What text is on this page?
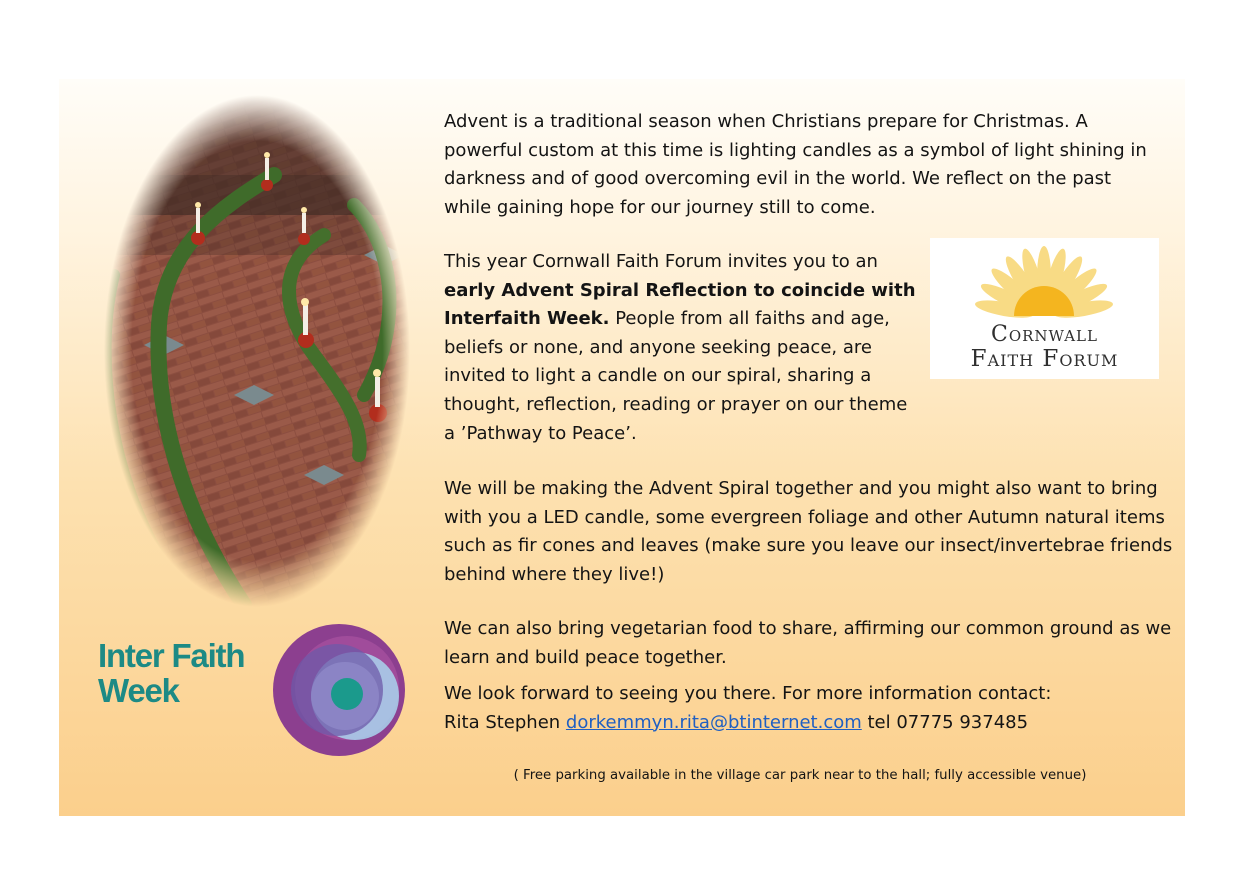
Advent is a traditional season when Christians prepare for Christmas. A powerful custom at this time is lighting candles as a symbol of light shining in darkness and of good overcoming evil in the world. We reflect on the past while gaining hope for our journey still to come.

This year Cornwall Faith Forum invites you to an early Advent Spiral Reflection to coincide with Interfaith Week. People from all faiths and age, beliefs or none, and anyone seeking peace, are invited to light a candle on our spiral, sharing a thought, reflection, reading or prayer on our theme a ’Pathway to Peace’.

We will be making the Advent Spiral together and you might also want to bring with you a LED candle, some evergreen foliage and other Autumn natural items such as fir cones and leaves (make sure you leave our insect/invertebrae friends behind where they live!)

We can also bring vegetarian food to share, affirming our common ground as we learn and build peace together.

We look forward to seeing you there. For more information contact:
Rita Stephen dorkemmyn.rita@btinternet.com tel 07775 937485
( Free parking available in the village car park near to the hall; fully accessible venue)
Cornwall
Faith Forum
Inter Faith
Week
